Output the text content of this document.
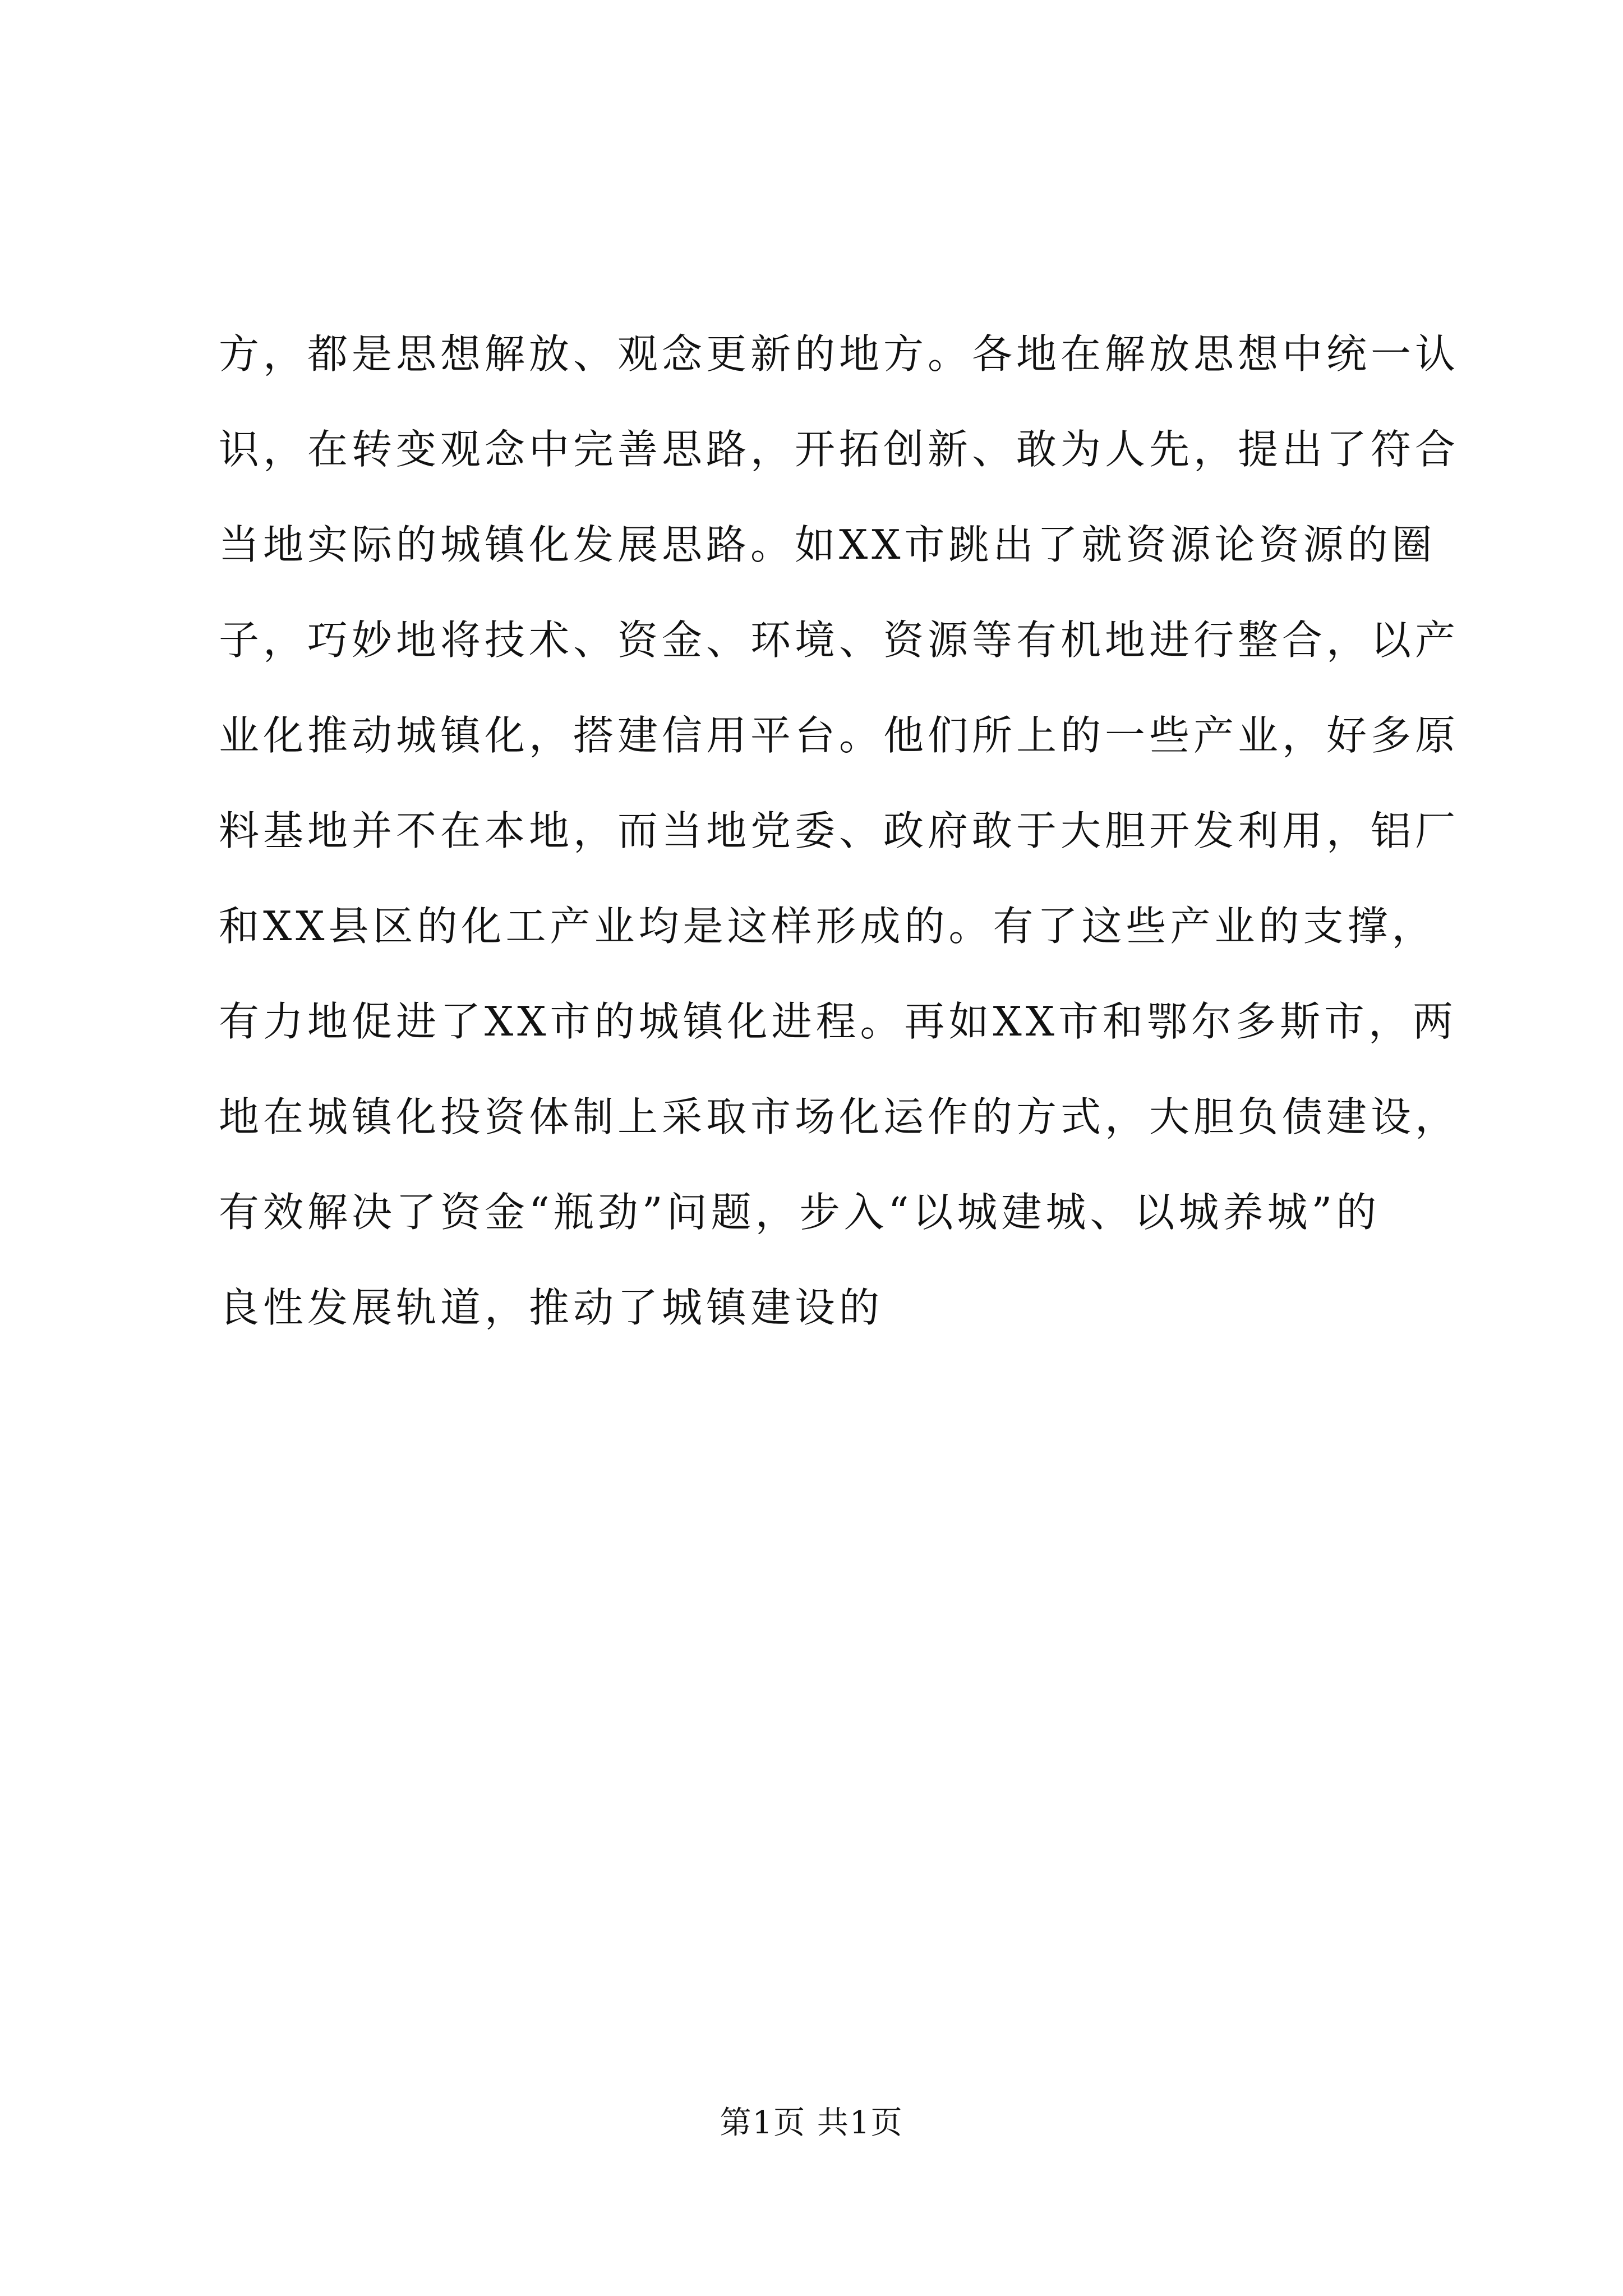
方，都是思想解放、观念更新的地方。各地在解放思想中统一认
识，在转变观念中完善思路，开拓创新、敢为人先，提出了符合
当地实际的城镇化发展思路。如XX市跳出了就资源论资源的圈
子，巧妙地将技术、资金、环境、资源等有机地进行整合，以产
业化推动城镇化，搭建信用平台。他们所上的一些产业，好多原
料基地并不在本地，而当地党委、政府敢于大胆开发利用，铝厂
和XX县区的化工产业均是这样形成的。有了这些产业的支撑，
有力地促进了XX市的城镇化进程。再如XX市和鄂尔多斯市，两
地在城镇化投资体制上采取市场化运作的方式，大胆负债建设，
有效解决了资金“瓶劲”问题，步入“以城建城、以城养城”的
良性发展轨道，推动了城镇建设的
第1页 共1页
